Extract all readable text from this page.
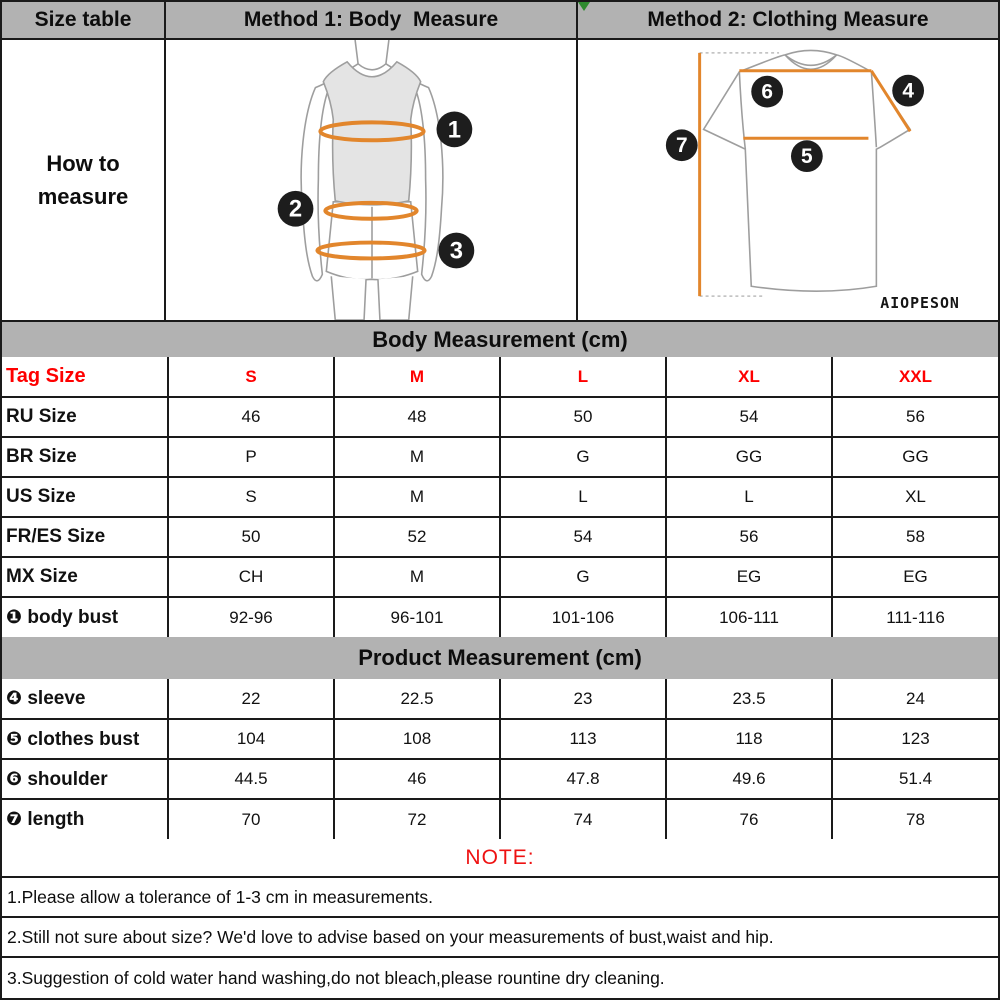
Size table	Method 1: Body  Measure	Method 2: Clothing Measure
How to
measure
1
2
3
4
5
6
7
AIOPESON
Body Measurement (cm)
Tag Size	S	M	L	XL	XXL
RU Size	46	48	50	54	56
BR Size	P	M	G	GG	GG
US Size	S	M	L	L	XL
FR/ES Size	50	52	54	56	58
MX Size	CH	M	G	EG	EG
❶ body bust	92-96	96-101	101-106	106-111	111-116
Product Measurement (cm)
❹ sleeve	22	22.5	23	23.5	24
❺ clothes bust	104	108	113	118	123
❻ shoulder	44.5	46	47.8	49.6	51.4
❼ length	70	72	74	76	78
NOTE:
1.Please allow a tolerance of 1-3 cm in measurements.
2.Still not sure about size? We'd love to advise based on your measurements of bust,waist and hip.
3.Suggestion of cold water hand washing,do not bleach,please rountine dry cleaning.
